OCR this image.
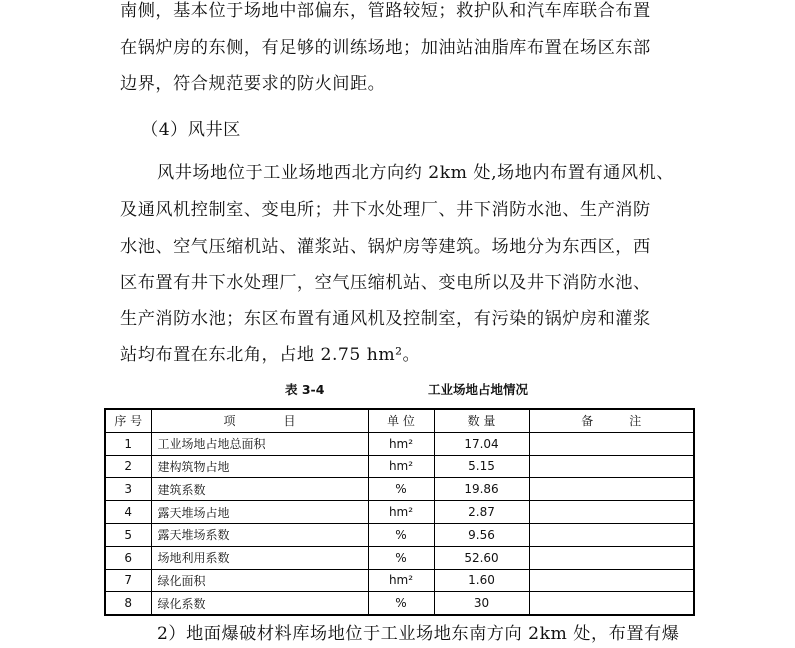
南侧，基本位于场地中部偏东，管路较短；救护队和汽车库联合布置
在锅炉房的东侧，有足够的训练场地；加油站油脂库布置在场区东部
边界，符合规范要求的防火间距。
（4）风井区
风井场地位于工业场地西北方向约 2km 处,场地内布置有通风机、
及通风机控制室、变电所；井下水处理厂、井下消防水池、生产消防
水池、空气压缩机站、灌浆站、锅炉房等建筑。场地分为东西区，西
区布置有井下水处理厂，空气压缩机站、变电所以及井下消防水池、
生产消防水池；东区布置有通风机及控制室，有污染的锅炉房和灌浆
站均布置在东北角，占地 2.75 hm²。
表 3-4	工业场地占地情况
序 号	项　　　　目	单 位	数 量	备　　　注
1	工业场地占地总面积	hm²	17.04	
2	建构筑物占地	hm²	5.15	
3	建筑系数	%	19.86	
4	露天堆场占地	hm²	2.87	
5	露天堆场系数	%	9.56	
6	场地利用系数	%	52.60	
7	绿化面积	hm²	1.60	
8	绿化系数	%	30	
2）地面爆破材料库场地位于工业场地东南方向 2km 处，布置有爆
